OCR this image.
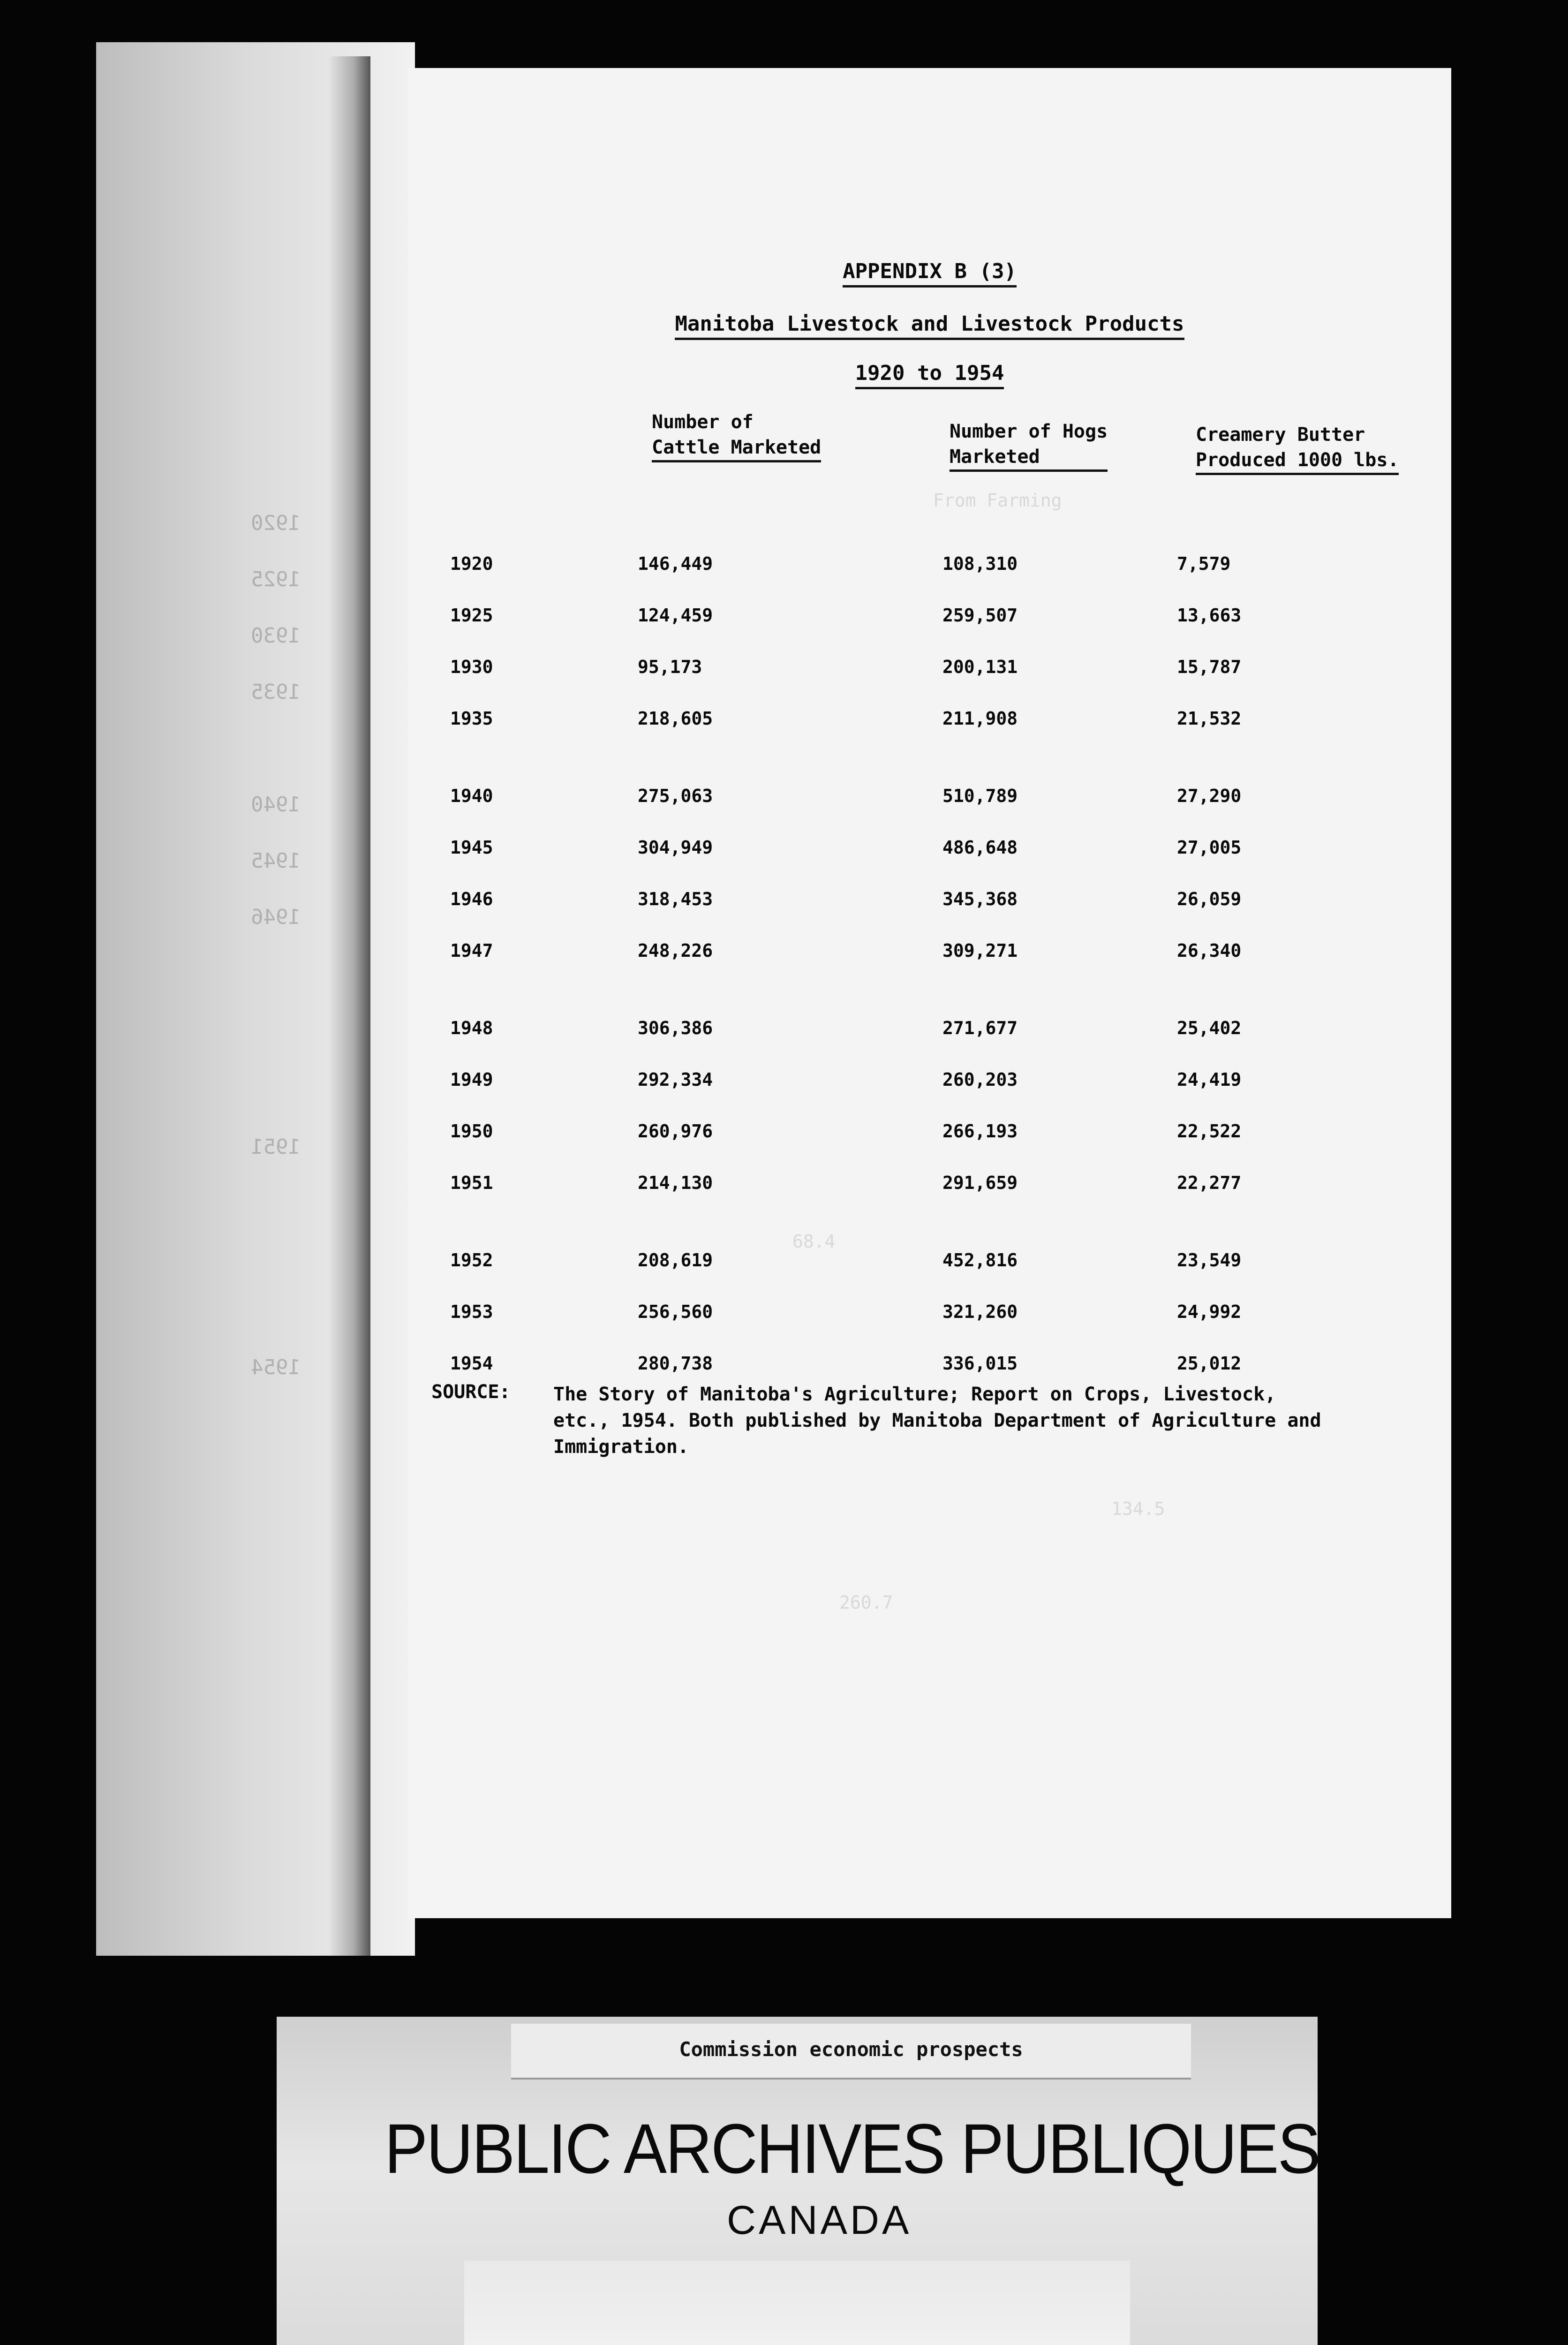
1920
1925
1930
1935
1940
1945
1946
1951
1954
APPENDIX B (3)
Manitoba Livestock and Livestock Products
1920 to 1954
Number of
Cattle Marketed
Number of Hogs
Marketed
Creamery Butter
Produced 1000 lbs.
1920	146,449	108,310	7,579
1925	124,459	259,507	13,663
1930	95,173	200,131	15,787
1935	218,605	211,908	21,532
1940	275,063	510,789	27,290
1945	304,949	486,648	27,005
1946	318,453	345,368	26,059
1947	248,226	309,271	26,340
1948	306,386	271,677	25,402
1949	292,334	260,203	24,419
1950	260,976	266,193	22,522
1951	214,130	291,659	22,277
1952	208,619	452,816	23,549
1953	256,560	321,260	24,992
1954	280,738	336,015	25,012
From Farming
68.4
134.5
260.7
SOURCE: The Story of Manitoba's Agriculture; Report on Crops, Livestock, etc., 1954. Both published by Manitoba Department of Agriculture and Immigration.
Commission economic prospects
PUBLIC ARCHIVES PUBLIQUES
CANADA
